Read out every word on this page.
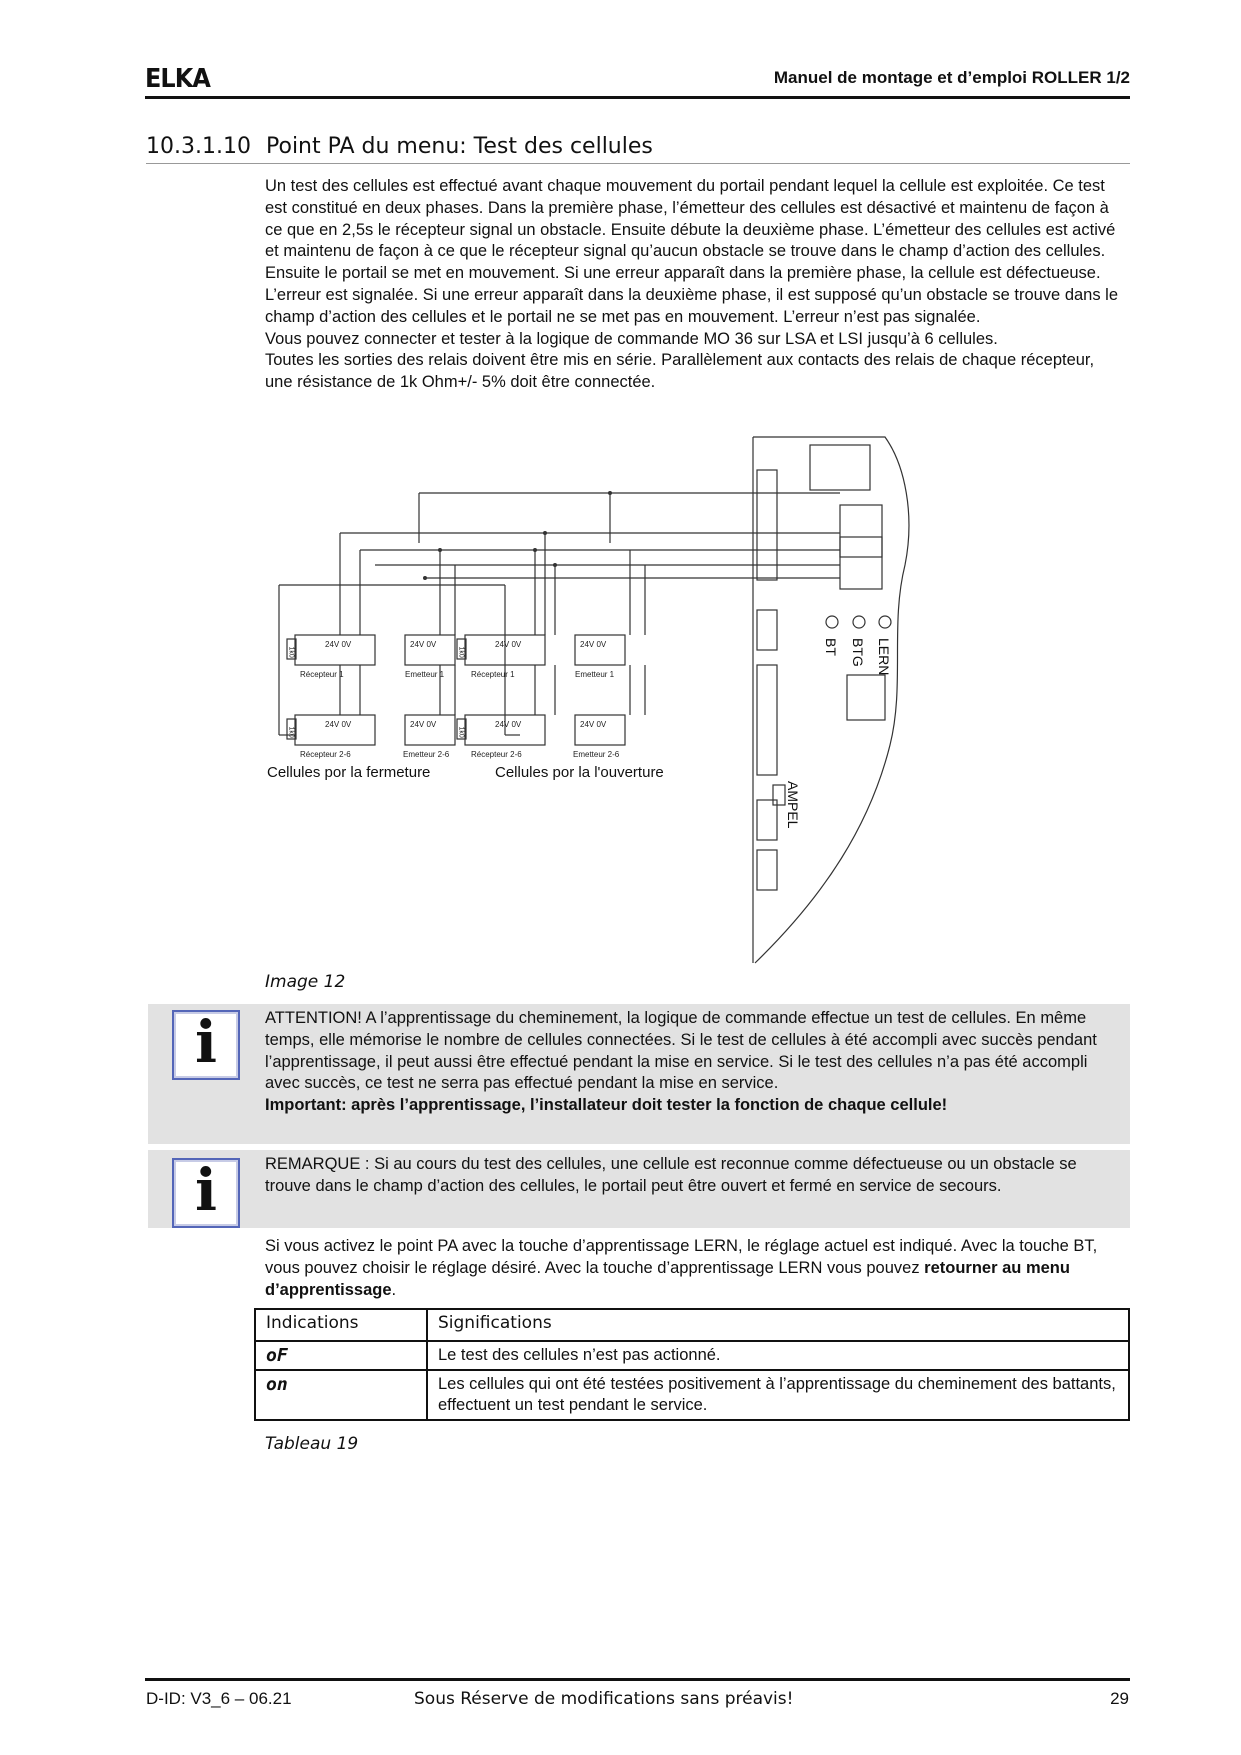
ELKA	Manuel de montage et d’emploi ROLLER 1/2
10.3.1.10 Point PA du menu: Test des cellules

Un test des cellules est effectué avant chaque mouvement du portail pendant lequel la cellule est exploitée. Ce test est constitué en deux phases. Dans la première phase, l’émetteur des cellules est désactivé et maintenu de façon à ce que en 2,5s le récepteur signal un obstacle. Ensuite débute la deuxième phase. L’émetteur des cellules est activé et maintenu de façon à ce que le récepteur signal qu’aucun obstacle se trouve dans le champ d’action des cellules. Ensuite le portail se met en mouvement. Si une erreur apparaît dans la première phase, la cellule est défectueuse. L’erreur est signalée. Si une erreur apparaît dans la deuxième phase, il est supposé qu’un obstacle se trouve dans le champ d’action des cellules et le portail ne se met pas en mouvement. L’erreur n’est pas signalée.

Vous pouvez connecter et tester à la logique de commande MO 36 sur LSA et LSI jusqu’à 6 cellules.

Toutes les sorties des relais doivent être mis en série. Parallèlement aux contacts des relais de chaque récepteur, une résistance de 1k Ohm+/- 5% doit être connectée.

24V 0V	24V 0V	24V 0V	24V 0V
24V 0V	24V 0V	24V 0V	24V 0V
Récepteur 1	Emetteur 1	Récepteur 1	Emetteur 1
Récepteur 2-6	Emetteur 2-6	Récepteur 2-6	Emetteur 2-6
1k0	1k0
1k0	1k0
Cellules por la fermeture	Cellules por la l'ouverture
BT BTG LERN
AMPEL
Image 12
i	ATTENTION! A l’apprentissage du cheminement, la logique de commande effectue un test de cellules. En même temps, elle mémorise le nombre de cellules connectées. Si le test de cellules à été accompli avec succès pendant l’apprentissage, il peut aussi être effectué pendant la mise en service. Si le test des cellules n’a pas été accompli avec succès, ce test ne serra pas effectué pendant la mise en service.

Important: après l’apprentissage, l’installateur doit tester la fonction de chaque cellule!

i	REMARQUE : Si au cours du test des cellules, une cellule est reconnue comme défectueuse ou un obstacle se trouve dans le champ d’action des cellules, le portail peut être ouvert et fermé en service de secours.

Si vous activez le point PA avec la touche d’apprentissage LERN, le réglage actuel est indiqué. Avec la touche BT, vous pouvez choisir le réglage désiré. Avec la touche d’apprentissage LERN vous pouvez retourner au menu d’apprentissage.

Indications	Significations
oF	Le test des cellules n’est pas actionné.
on	Les cellules qui ont été testées positivement à l’apprentissage du cheminement des battants, effectuent un test pendant le service.
Tableau 19
D-ID: V3_6 – 06.21	Sous Réserve de modifications sans préavis!	29
